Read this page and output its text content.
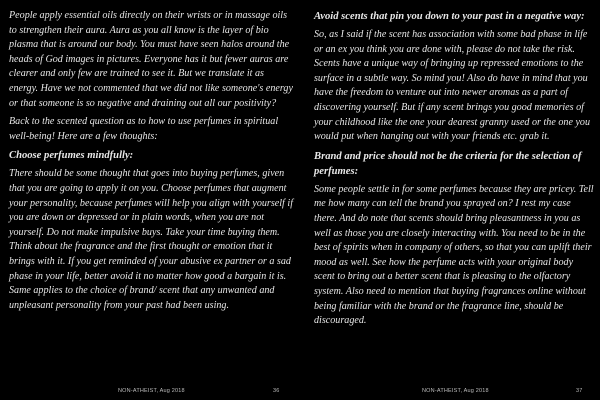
People apply essential oils directly on their wrists or in massage oils to strengthen their aura. Aura as you all know is the layer of bio plasma that is around our body. You must have seen halos around the heads of God images in pictures. Everyone has it but fewer auras are clearer and only few are trained to see it. But we translate it as energy. Have we not commented that we did not like someone's energy or that someone is so negative and draining out all our positivity?

Back to the scented question as to how to use perfumes in spiritual well-being! Here are a few thoughts:

Choose perfumes mindfully:

There should be some thought that goes into buying perfumes, given that you are going to apply it on you. Choose perfumes that augment your personality, because perfumes will help you align with yourself if you are down or depressed or in plain words, when you are not yourself. Do not make impulsive buys. Take your time buying them. Think about the fragrance and the first thought or emotion that it brings with it. If you get reminded of your abusive ex partner or a sad phase in your life, better avoid it no matter how good a bargain it is. Same applies to the choice of brand/ scent that any unwanted and unpleasant personality from your past had been using.

NON-ATHEIST, Aug 2018	36
Avoid scents that pin you down to your past in a negative way:

So, as I said if the scent has association with some bad phase in life or an ex you think you are done with, please do not take the risk. Scents have a unique way of bringing up repressed emotions to the surface in a subtle way. So mind you! Also do have in mind that you have the freedom to venture out into newer aromas as a part of discovering yourself. But if any scent brings you good memories of your childhood like the one your dearest granny used or the one you would put when hanging out with your friends etc. grab it.

Brand and price should not be the criteria for the selection of perfumes:

Some people settle in for some perfumes because they are pricey. Tell me how many can tell the brand you sprayed on? I rest my case there. And do note that scents should bring pleasantness in you as well as those you are closely interacting with. You need to be in the best of spirits when in company of others, so that you can uplift their mood as well. See how the perfume acts with your original body scent to bring out a better scent that is pleasing to the olfactory system. Also need to mention that buying fragrances online without being familiar with the brand or the fragrance line, should be discouraged.

NON-ATHEIST, Aug 2018	37
